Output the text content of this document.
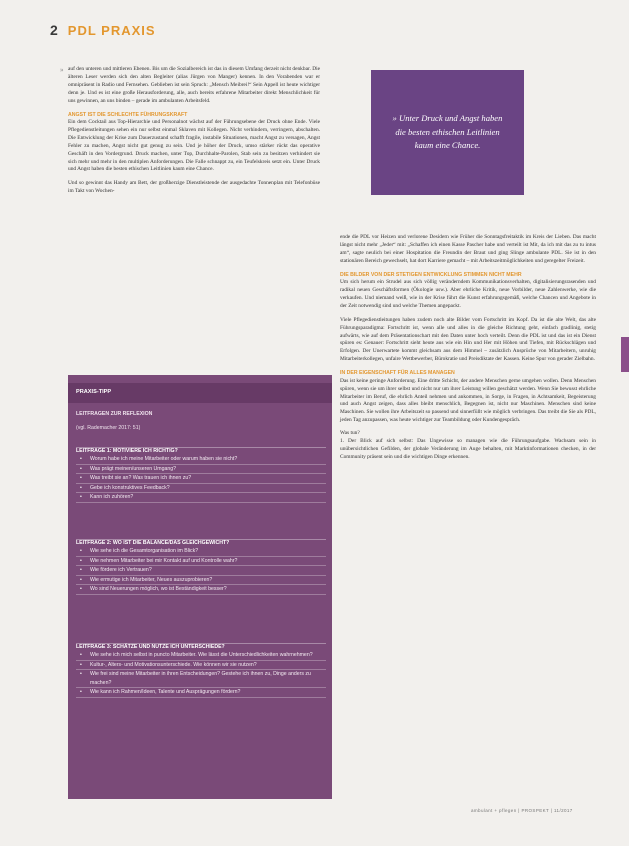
2 PDL PRAXIS

» Unter Druck und Angst haben die besten ethischen Leitlinien kaum eine Chance.

» auf den unteren und mittleren Ebenen. Bis um die Sozialbereich ist das in diesem Umfang derzeit nicht denkbar. Die älteren Leser werden sich den alten Begleiter (alias Jürgen von Manger) kennen. In den Vorabenden war er omnipräsent in Radio und Fernsehen. Geblieben ist sein Spruch: „Mensch Meibrei!“ Sein Appell ist heute wichtiger denn je. Und es ist eine große Herausforderung, alle, auch bereits erfahrene Mitarbeiter direkt Menschlichkeit für uns gewinnen, an uns binden – gerade im ambulanten Arbeitsfeld.

ANGST IST DIE SCHLECHTE FÜHRUNGSKRAFT

Ein dem Cocktail aus Top-Hierarchie und Personalnot wächst auf der Führungsebene der Druck ohne Ende. Viele Pflegedienstleitungen sehen ein nur selbst einmal Sklaven mit Kollegen. Nicht verhindern, verringern, abschalten. Die Entwicklung der Krise zum Dauerzustand schafft fragile, instabile Situationen, macht Angst zu versagen, Angst Fehler zu machen, Angst nicht gut genug zu sein. Und je höher der Druck, umso stärker rückt das operative Geschäft in den Vordergrund. Druck machen, unter Top, Durchhalte-Parolen, Stab sein zu besitzen verhindert sie sich mehr und mehr in den multiplen Anforderungen. Die Falle schnappt zu, ein Teufelskreis setzt ein. Unter Druck und Angst haben die besten ethischen Leitlinien kaum eine Chance.

Und so gewinnt das Handy am Bett, der großherzige Dienstleistende der ausgedachte Tonnenplan mit Telefonbüse im Takt von Wochen-

ende die PDL vor Heizen und verlorene Desidern wie Früher die Sonntagsfreitaktik im Kreis der Lieben. Das macht längst nicht mehr „Jeder“ mit: „Schaffen ich einen Kasse Pascher habe und verteilt ist Mit, da ich mit das zu tu intus am“, sagte neulich bei einer Hospitation die Freundin der Braut und ging Slinge ambulante PDL. Sie ist in den stationären Bereich gewechselt, hat dort Karriere gemacht – mit Arbeitszeitmöglichkeiten und geregelter Freizeit.

DIE BILDER VON DER STETIGEN ENTWICKLUNG STIMMEN NICHT MEHR

Um sich herum ein Strudel aus sich völlig veränderndem Kommunikationsverhalten, digitalisierungsrasenden und radikal neuen Geschäftsformen (Ökologie usw.). Aber ehrliche Kritik, neue Vorbilder, neue Zahlenwerke, wie die verkaufen. Und niemand weiß, wie in der Krise führt die Kunst erfahrungsgemäß, welche Chancen und Angebote in der Zeit notwendig sind und welche Themen angepackt.

Viele Pflegedienstleitungen haben zudem noch alte Bilder vom Fortschritt im Kopf. Da ist die alte Welt, das alte Führungsparadigma: Fortschritt ist, wenn alle und alles in die gleiche Richtung geht, einfach gradlinig, stetig aufwärts, wie auf dem Präsentationschart mit den Daten unter hoch verteilt. Denn die PDL ist und das ist ein Dienst spüren es: Genauer: Fortschritt sieht heute aus wie ein Hin und Her mit Höhen und Tiefen, mit Rückschlägen und Erfolgen. Der Unerwartete kommt gleichsam aus dem Himmel – zusätzlich Ansprüche von Mitarbeitern, unruhig Mitarbeiterkollegen, unfaire Wettbewerber, Bürokratie und Preisdiktate der Kassen. Keine Spur von gerader Zielbahn.

IN DER EIGENSCHAFT FÜR ALLES MANAGEN

Das ist keine geringe Anforderung. Eine dritte Schicht, der andere Menschen gerne umgehen wollen. Denn Menschen spüren, wenn sie um ihrer selbst und nicht nur um ihrer Leistung willen geschätzt werden. Wenn Sie bewusst ehrliche Mitarbeiter im Beruf, die ehrlich Anteil nehmen und ankommen, in Sorge, in Fragen, in Achtsamkeit, Begeisterung und auch Angst zeigen, dass alles bleibt menschlich, Begegnen ist, nicht nur Maschinen. Menschen sind keine Maschinen. Sie wollen ihre Arbeitszeit so passend und sinnerfüllt wie möglich verbringen. Das treibt die Sie als PDL, jeden Tag anzupassen, was heute wichtiger zur Teambildung oder Kundengespräch.

Was tun?

1. Der Blick auf sich selbst: Das Ungewisse so managen wie die Führungsaufgabe. Wachsam sein in unübersichtlichen Gefilden, der globale Veränderung im Auge behalten, mit Marktinformationen checken, in der Community präsent sein und die wichtigen Dinge erkennen.

PRAXIS-TIPP

LEITFRAGEN ZUR REFLEXION

(vgl. Rademacher 2017: 51)

LEITFRAGE 1: MOTIVIERE ICH RICHTIG?

• Worum habe ich meine Mitarbeiter oder warum haben sie nicht?
• Was prägt meinen/unseren Umgang?
• Was treibt sie an? Was trauen ich ihnen zu?
• Gebe ich konstruktives Feedback?
• Kann ich zuhören?

LEITFRAGE 2: WO IST DIE BALANCE/DAS GLEICHGEWICHT?

• Wie sehe ich die Gesamtorganisation im Blick?
• Wie nehmen Mitarbeiter bei mir Kontakt auf und Kontrolle wahr?
• Wie fördere ich Vertrauen?
• Wie ermutige ich Mitarbeiter, Neues auszuprobieren?
• Wo sind Neuerungen möglich, wo ist Beständigkeit besser?

LEITFRAGE 3: SCHÄTZE UND NUTZE ICH UNTERSCHIEDE?

• Wie sehe ich mich selbst in puncto Mitarbeiter. Wie lässt die Unterschiedlichkeiten wahrnehmen?
• Kultur-, Alters- und Motivationsunterschiede. Wie können wir sie nutzen?
• Wie frei sind meine Mitarbeiter in ihren Entscheidungen? Gestehe ich ihnen zu, Dinge anders zu machen?
• Wie kann ich Rahmen/Ideen, Talente und Ausprägungen fördern?
ambulant + pflegen | PROSPEKT | 11/2017
